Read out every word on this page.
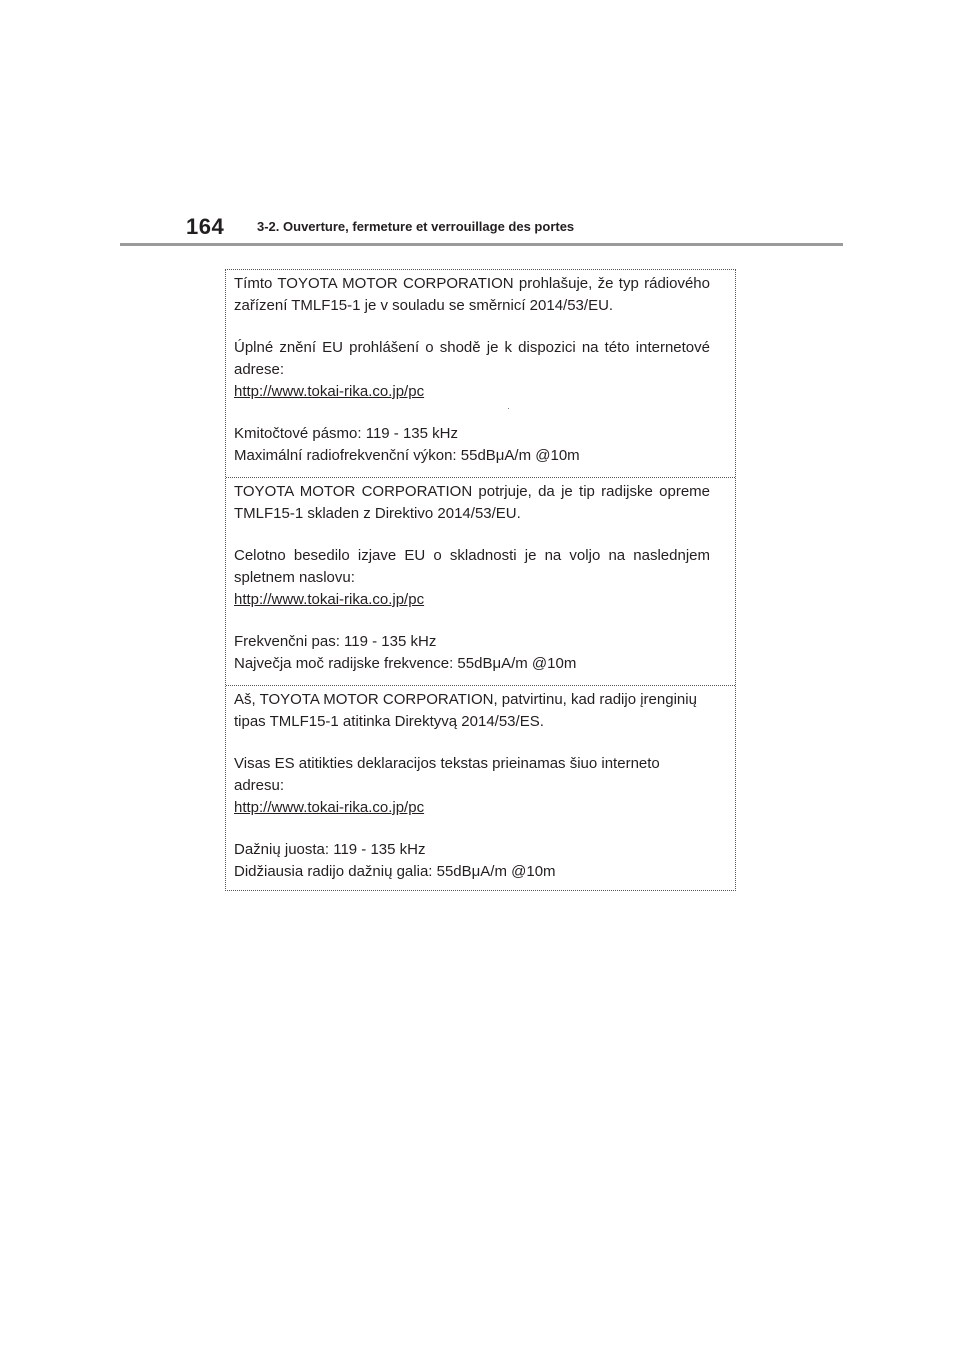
164	3-2. Ouverture, fermeture et verrouillage des portes

Tímto TOYOTA MOTOR CORPORATION prohlašuje, že typ rádiového zařízení TMLF15-1 je v souladu se směrnicí 2014/53/EU.

Úplné znění EU prohlášení o shodě je k dispozici na této internetové adrese:

http://www.tokai-rika.co.jp/pc

Kmitočtové pásmo: 119 - 135 kHz

Maximální radiofrekvenční výkon: 55dBμA/m @10m

TOYOTA MOTOR CORPORATION potrjuje, da je tip radijske opreme TMLF15-1 skladen z Direktivo 2014/53/EU.

Celotno besedilo izjave EU o skladnosti je na voljo na naslednjem spletnem naslovu:

http://www.tokai-rika.co.jp/pc

Frekvenčni pas: 119 - 135 kHz

Največja moč radijske frekvence: 55dBμA/m @10m

Aš, TOYOTA MOTOR CORPORATION, patvirtinu, kad radijo įrenginių tipas TMLF15-1 atitinka Direktyvą 2014/53/ES.

Visas ES atitikties deklaracijos tekstas prieinamas šiuo interneto adresu:

http://www.tokai-rika.co.jp/pc

Dažnių juosta: 119 - 135 kHz

Didžiausia radijo dažnių galia: 55dBμA/m @10m
